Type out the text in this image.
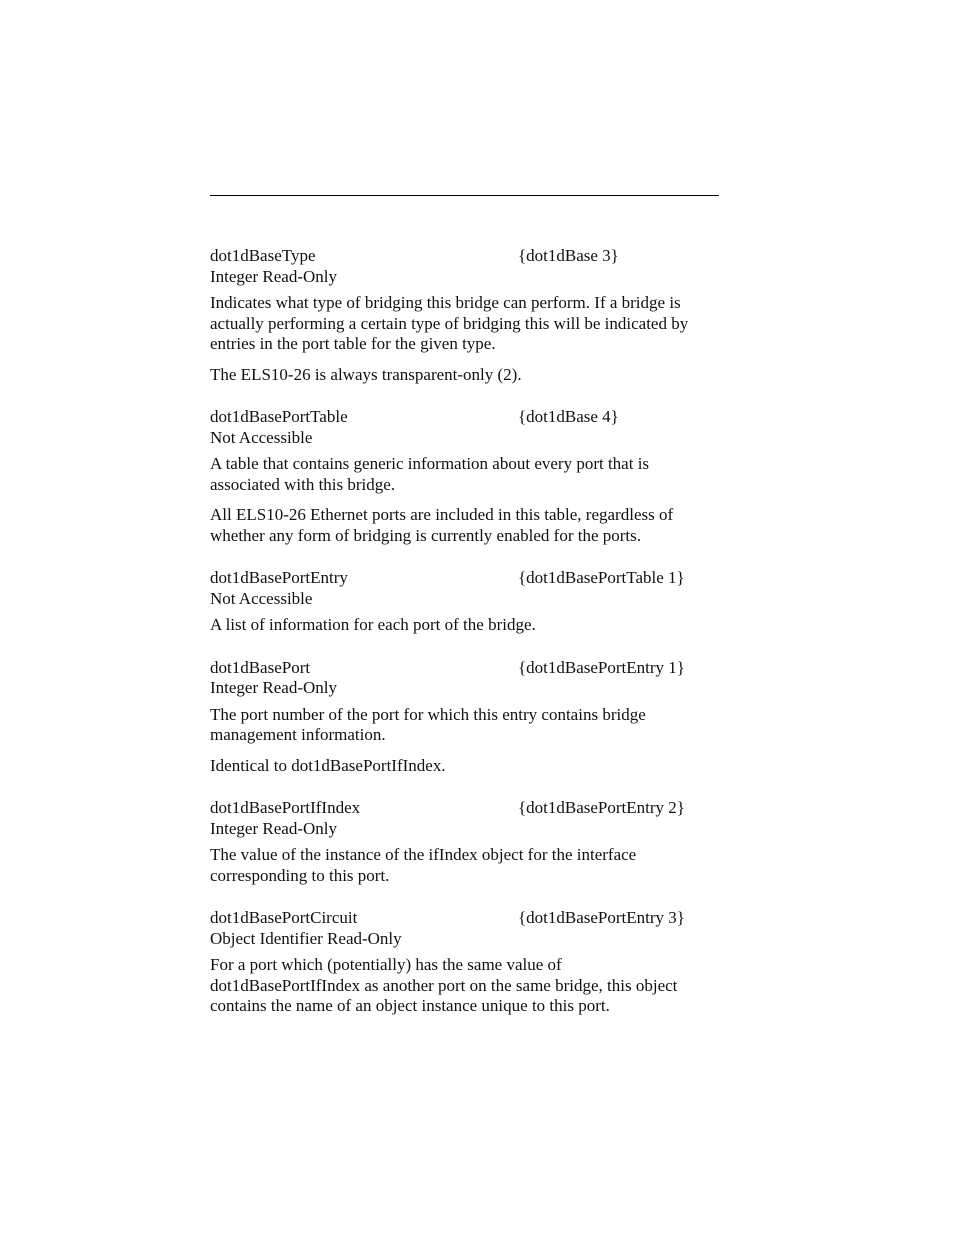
dot1dBaseType	{dot1dBase 3}
Integer Read-Only

Indicates what type of bridging this bridge can perform. If a bridge is actually performing a certain type of bridging this will be indicated by entries in the port table for the given type.

The ELS10-26 is always transparent-only (2).

dot1dBasePortTable	{dot1dBase 4}
Not Accessible

A table that contains generic information about every port that is associated with this bridge.

All ELS10-26 Ethernet ports are included in this table, regardless of whether any form of bridging is currently enabled for the ports.

dot1dBasePortEntry	{dot1dBasePortTable 1}
Not Accessible

A list of information for each port of the bridge.

dot1dBasePort	{dot1dBasePortEntry 1}
Integer Read-Only

The port number of the port for which this entry contains bridge management information.

Identical to dot1dBasePortIfIndex.

dot1dBasePortIfIndex	{dot1dBasePortEntry 2}
Integer Read-Only

The value of the instance of the ifIndex object for the interface corresponding to this port.

dot1dBasePortCircuit	{dot1dBasePortEntry 3}
Object Identifier Read-Only

For a port which (potentially) has the same value of dot1dBasePortIfIndex as another port on the same bridge, this object contains the name of an object instance unique to this port.
